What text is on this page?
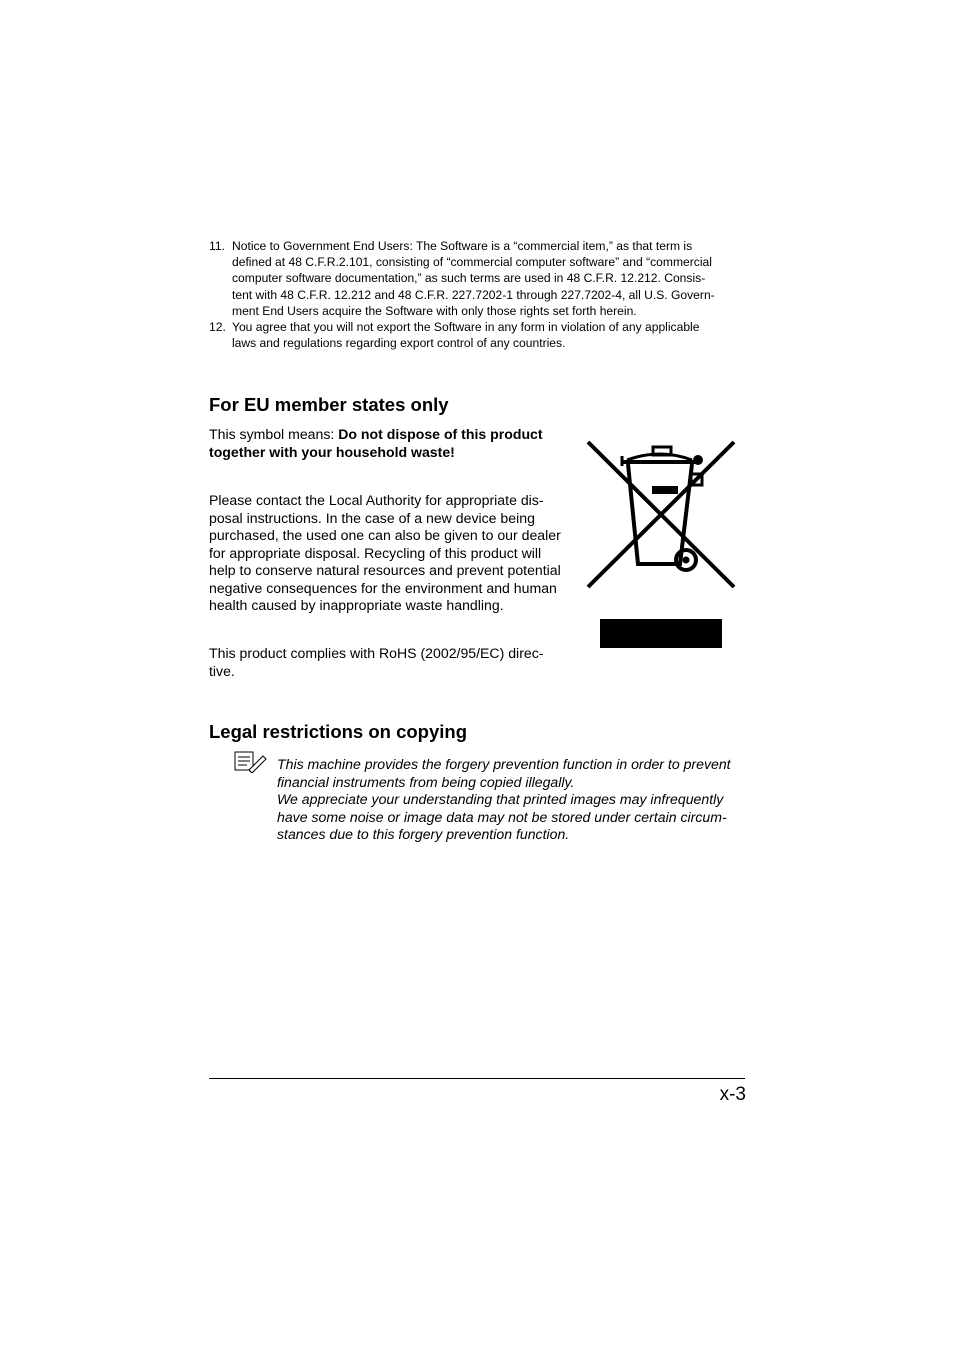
11. Notice to Government End Users: The Software is a “commercial item,” as that term is
defined at 48 C.F.R.2.101, consisting of “commercial computer software” and “commercial
computer software documentation,” as such terms are used in 48 C.F.R. 12.212. Consis-
tent with 48 C.F.R. 12.212 and 48 C.F.R. 227.7202-1 through 227.7202-4, all U.S. Govern-
ment End Users acquire the Software with only those rights set forth herein.
12. You agree that you will not export the Software in any form in violation of any applicable
laws and regulations regarding export control of any countries.
For EU member states only
This symbol means: Do not dispose of this product
together with your household waste!
Please contact the Local Authority for appropriate dis-
posal instructions. In the case of a new device being
purchased, the used one can also be given to our dealer
for appropriate disposal. Recycling of this product will
help to conserve natural resources and prevent potential
negative consequences for the environment and human
health caused by inappropriate waste handling.
This product complies with RoHS (2002/95/EC) direc-
tive.
Legal restrictions on copying
This machine provides the forgery prevention function in order to prevent
financial instruments from being copied illegally.
We appreciate your understanding that printed images may infrequently
have some noise or image data may not be stored under certain circum-
stances due to this forgery prevention function.
x-3
